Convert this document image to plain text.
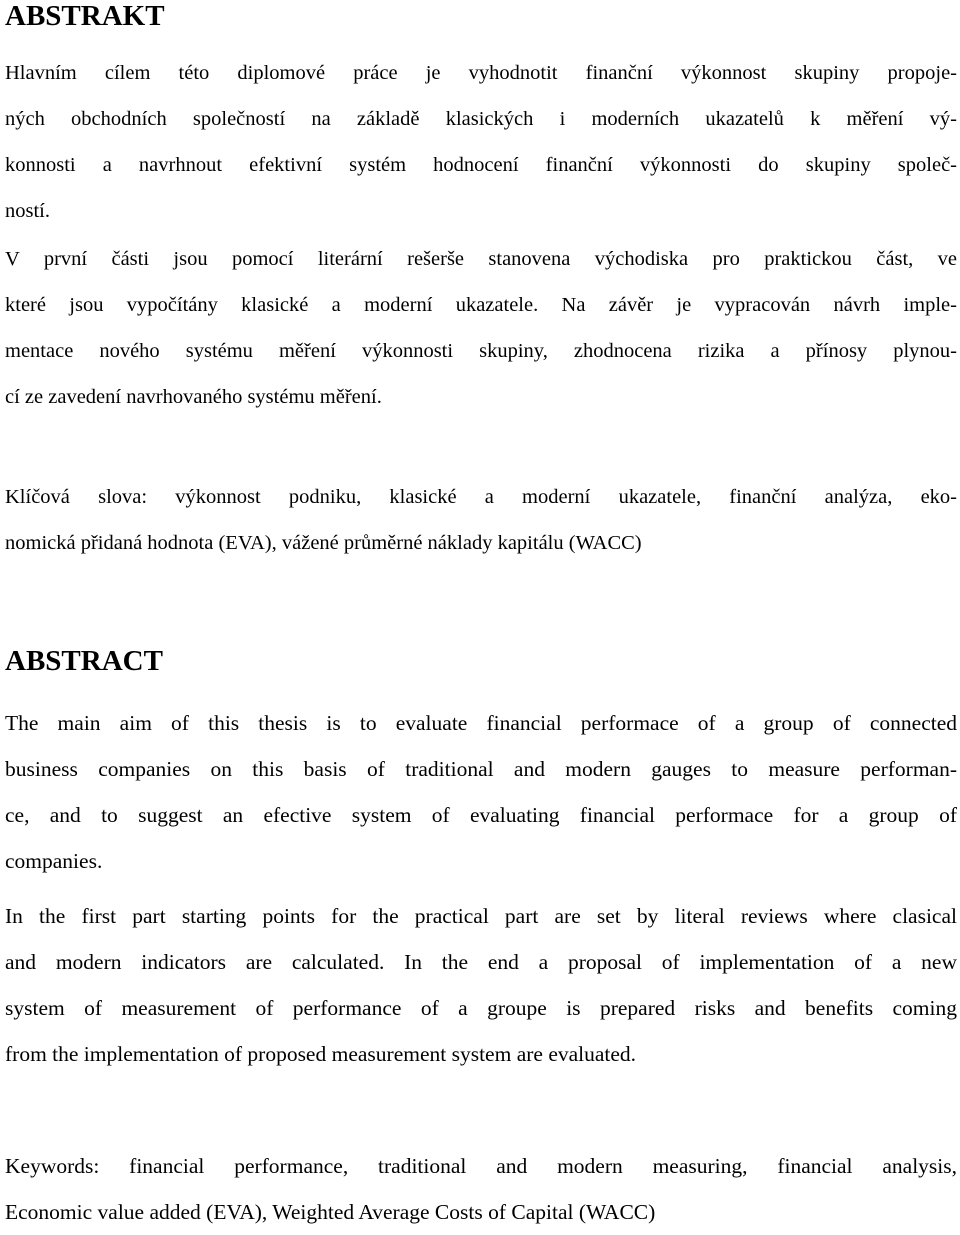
ABSTRAKT

Hlavním cílem této diplomové práce je vyhodnotit finanční výkonnost skupiny propoje-
ných obchodních společností na základě klasických i moderních ukazatelů k měření vý-
konnosti a navrhnout efektivní systém hodnocení finanční výkonnosti do skupiny společ-
ností.

V první části jsou pomocí literární rešerše stanovena východiska pro praktickou část, ve
které jsou vypočítány klasické a moderní ukazatele. Na závěr je vypracován návrh imple-
mentace nového systému měření výkonnosti skupiny, zhodnocena rizika a přínosy plynou-
cí ze zavedení navrhovaného systému měření.

Klíčová slova: výkonnost podniku, klasické a moderní ukazatele, finanční analýza, eko-
nomická přidaná hodnota (EVA), vážené průměrné náklady kapitálu (WACC)

ABSTRACT

The main aim of this thesis is to evaluate financial performace of a group of connected
business companies on this basis of traditional and modern gauges to measure performan-
ce, and to suggest an efective system of evaluating financial performace for a group of
companies.

In the first part starting points for the practical part are set by literal reviews where clasical
and modern indicators are calculated. In the end a proposal of implementation of a new
system of measurement of performance of a groupe is prepared risks and benefits coming
from the implementation of proposed measurement system are evaluated.

Keywords: financial performance, traditional and modern measuring, financial analysis,
Economic value added (EVA), Weighted Average Costs of Capital (WACC)
